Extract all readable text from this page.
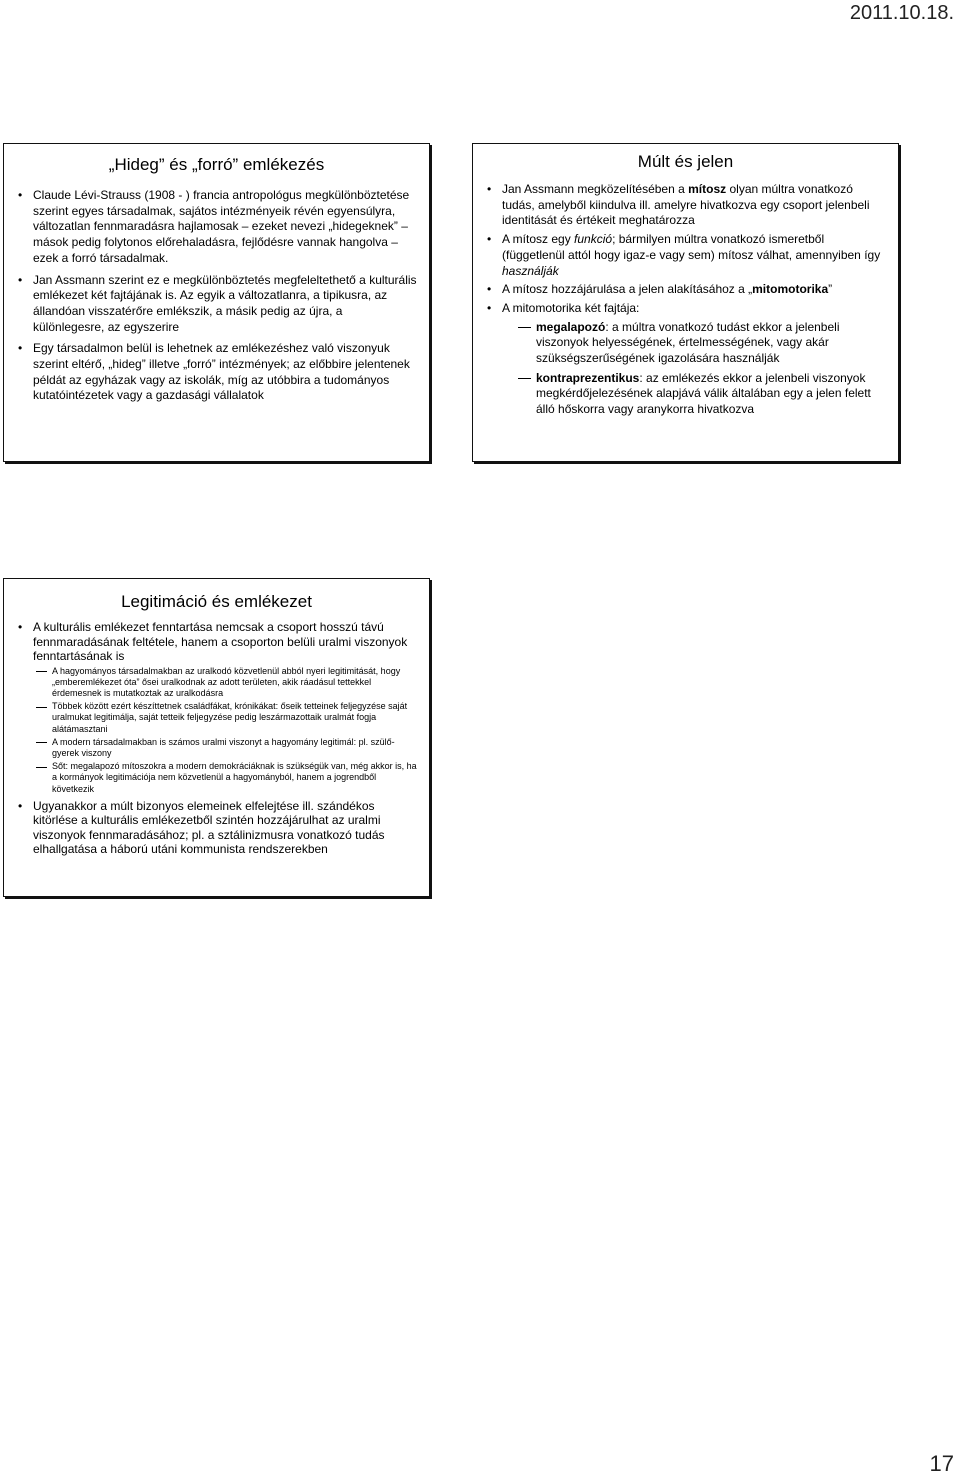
2011.10.18.
„Hideg” és „forró” emlékezés
• Claude Lévi-Strauss (1908 - ) francia antropológus megkülönböztetése szerint egyes társadalmak, sajátos intézményeik révén egyensúlyra, változatlan fennmaradásra hajlamosak – ezeket nevezi „hidegeknek” – mások pedig folytonos előrehaladásra, fejlődésre vannak hangolva – ezek a forró társadalmak.
• Jan Assmann szerint ez e megkülönböztetés megfeleltethető a kulturális emlékezet két fajtájának is. Az egyik a változatlanra, a tipikusra, az állandóan visszatérőre emlékszik, a másik pedig az újra, a különlegesre, az egyszerire
• Egy társadalmon belül is lehetnek az emlékezéshez való viszonyuk szerint eltérő, „hideg” illetve „forró” intézmények; az előbbire jelentenek példát az egyházak vagy az iskolák, míg az utóbbira a tudományos kutatóintézetek vagy a gazdasági vállalatok
Múlt és jelen
• Jan Assmann megközelítésében a mítosz olyan múltra vonatkozó tudás, amelyből kiindulva ill. amelyre hivatkozva egy csoport jelenbeli identitását és értékeit meghatározza
• A mítosz egy funkció; bármilyen múltra vonatkozó ismeretből (függetlenül attól hogy igaz-e vagy sem) mítosz válhat, amennyiben így használják
• A mítosz hozzájárulása a jelen alakításához a „mitomotorika”
• A mitomotorika két fajtája:
megalapozó: a múltra vonatkozó tudást ekkor a jelenbeli viszonyok helyességének, értelmességének, vagy akár szükségszerűségének igazolására használják
kontraprezentikus: az emlékezés ekkor a jelenbeli viszonyok megkérdőjelezésének alapjává válik általában egy a jelen felett álló hőskorra vagy aranykorra hivatkozva
Legitimáció és emlékezet
• A kulturális emlékezet fenntartása nemcsak a csoport hosszú távú fennmaradásának feltétele, hanem a csoporton belüli uralmi viszonyok fenntartásának is
A hagyományos társadalmakban az uralkodó közvetlenül abból nyeri legitimitását, hogy „emberemlékezet óta” ősei uralkodnak az adott területen, akik ráadásul tettekkel érdemesnek is mutatkoztak az uralkodásra
Többek között ezért készíttetnek családfákat, krónikákat: őseik tetteinek feljegyzése saját uralmukat legitimálja, saját tetteik feljegyzése pedig leszármazottaik uralmát fogja alátámasztani
A modern társadalmakban is számos uralmi viszonyt a hagyomány legitimál: pl. szülő-gyerek viszony
Sőt: megalapozó mítoszokra a modern demokráciáknak is szükségük van, még akkor is, ha a kormányok legitimációja nem közvetlenül a hagyományból, hanem a jogrendből következik
• Ugyanakkor a múlt bizonyos elemeinek elfelejtése ill. szándékos kitörlése a kulturális emlékezetből szintén hozzájárulhat az uralmi viszonyok fennmaradásához; pl. a sztálinizmusra vonatkozó tudás elhallgatása a háború utáni kommunista rendszerekben
17
